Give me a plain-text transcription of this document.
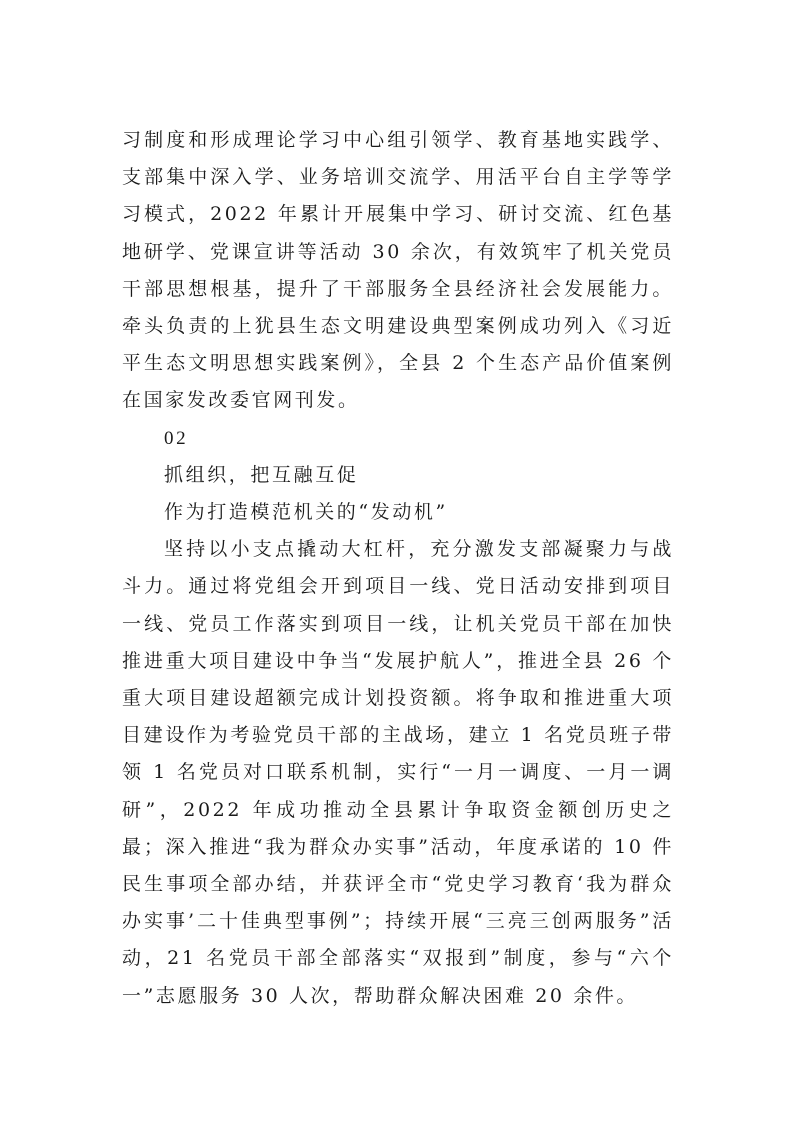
习制度和形成理论学习中心组引领学、教育基地实践学、支部集中深入学、业务培训交流学、用活平台自主学等学习模式，2022 年累计开展集中学习、研讨交流、红色基地研学、党课宣讲等活动 30 余次，有效筑牢了机关党员干部思想根基，提升了干部服务全县经济社会发展能力。牵头负责的上犹县生态文明建设典型案例成功列入《习近平生态文明思想实践案例》，全县 2 个生态产品价值案例在国家发改委官网刊发。

02

抓组织，把互融互促

作为打造模范机关的“发动机”

坚持以小支点撬动大杠杆，充分激发支部凝聚力与战斗力。通过将党组会开到项目一线、党日活动安排到项目一线、党员工作落实到项目一线，让机关党员干部在加快推进重大项目建设中争当“发展护航人”，推进全县 26 个重大项目建设超额完成计划投资额。将争取和推进重大项目建设作为考验党员干部的主战场，建立 1 名党员班子带领 1 名党员对口联系机制，实行“一月一调度、一月一调研”，2022 年成功推动全县累计争取资金额创历史之最；深入推进“我为群众办实事”活动，年度承诺的 10 件民生事项全部办结，并获评全市“党史学习教育‘我为群众办实事’二十佳典型事例”；持续开展“三亮三创两服务”活动，21 名党员干部全部落实“双报到”制度，参与“六个一”志愿服务 30 人次，帮助群众解决困难 20 余件。
